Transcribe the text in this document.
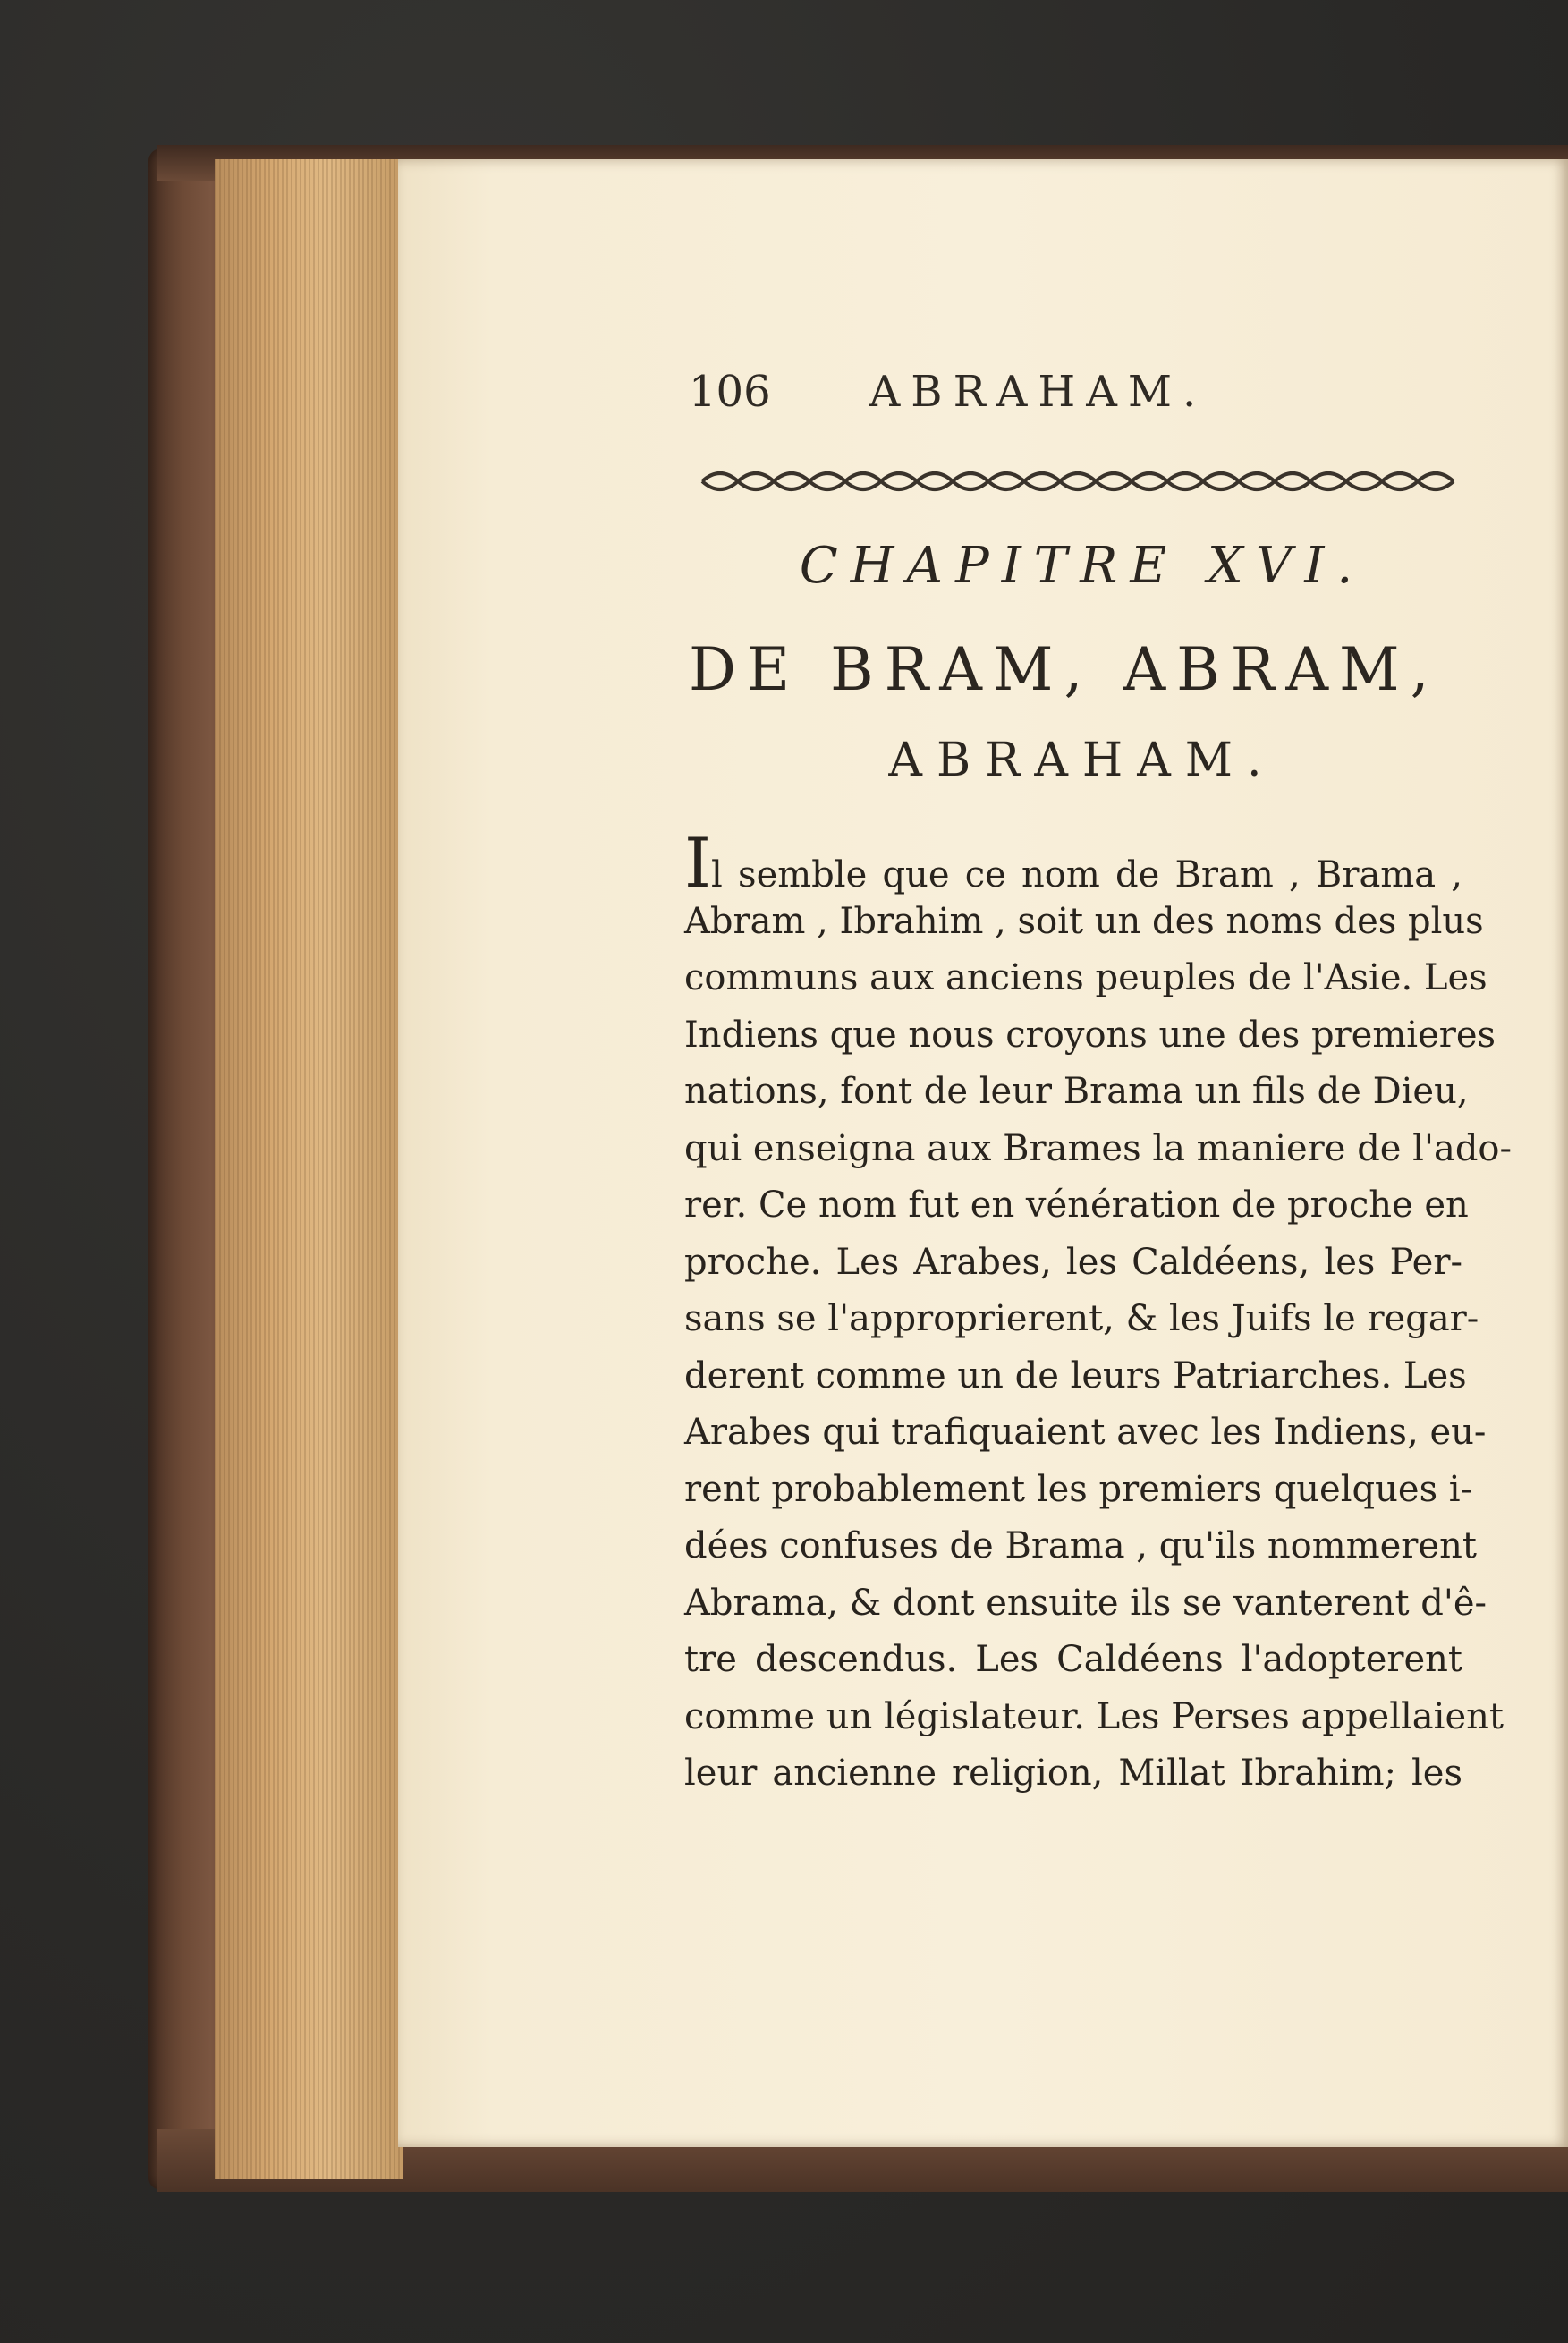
106 ABRAHAM.
CHAPITRE XVI.
DE BRAM, ABRAM,
ABRAHAM.
Il semble que ce nom de Bram , Brama ,
Abram , Ibrahim , soit un des noms des plus
communs aux anciens peuples de l'Asie. Les
Indiens que nous croyons une des premieres
nations, font de leur Brama un fils de Dieu,
qui enseigna aux Brames la maniere de l'ado-
rer. Ce nom fut en vénération de proche en
proche. Les Arabes, les Caldéens, les Per-
sans se l'approprierent, & les Juifs le regar-
derent comme un de leurs Patriarches. Les
Arabes qui trafiquaient avec les Indiens, eu-
rent probablement les premiers quelques i-
dées confuses de Brama , qu'ils nommerent
Abrama, & dont ensuite ils se vanterent d'ê-
tre descendus. Les Caldéens l'adopterent
comme un législateur. Les Perses appellaient
leur ancienne religion, Millat Ibrahim; les
